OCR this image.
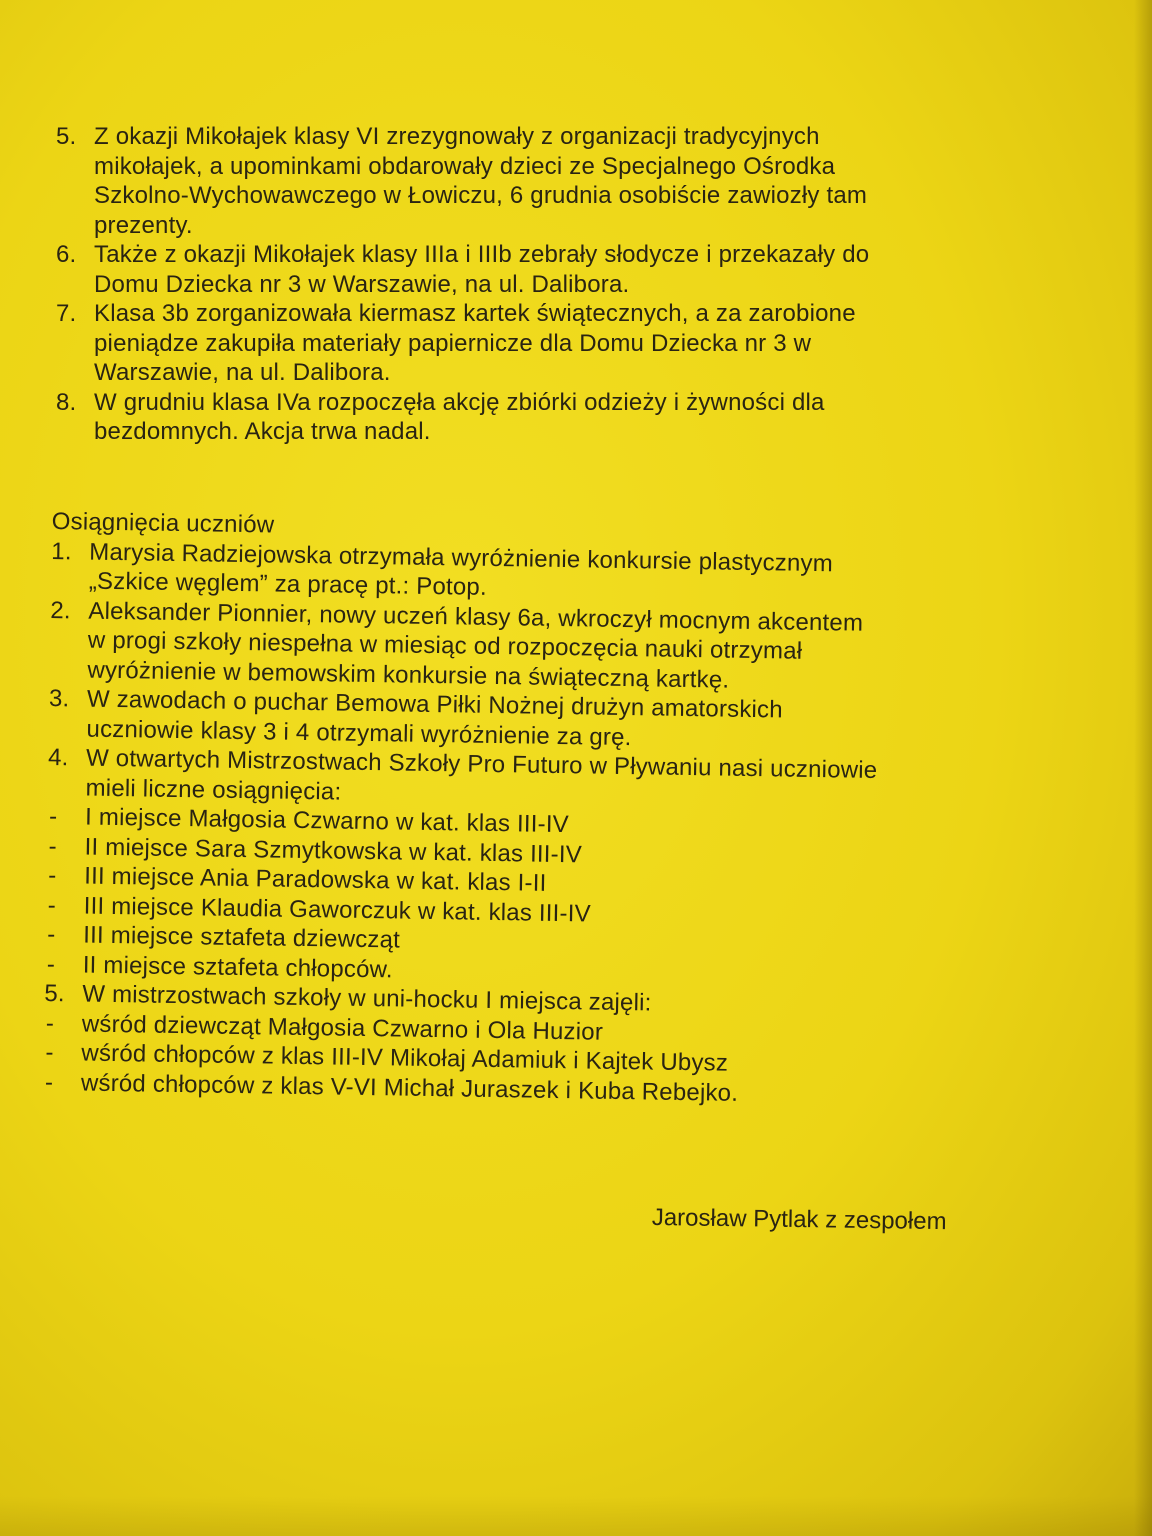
5. Z okazji Mikołajek klasy VI zrezygnowały z organizacji tradycyjnych
mikołajek, a upominkami obdarowały dzieci ze Specjalnego Ośrodka
Szkolno-Wychowawczego w Łowiczu, 6 grudnia osobiście zawiozły tam
prezenty.
6. Także z okazji Mikołajek klasy IIIa i IIIb zebrały słodycze i przekazały do
Domu Dziecka nr 3 w Warszawie, na ul. Dalibora.
7. Klasa 3b zorganizowała kiermasz kartek świątecznych, a za zarobione
pieniądze zakupiła materiały papiernicze dla Domu Dziecka nr 3 w
Warszawie, na ul. Dalibora.
8. W grudniu klasa IVa rozpoczęła akcję zbiórki odzieży i żywności dla
bezdomnych. Akcja trwa nadal.
Osiągnięcia uczniów
1. Marysia Radziejowska otrzymała wyróżnienie konkursie plastycznym
„Szkice węglem” za pracę pt.: Potop.
2. Aleksander Pionnier, nowy uczeń klasy 6a, wkroczył mocnym akcentem
w progi szkoły niespełna w miesiąc od rozpoczęcia nauki otrzymał
wyróżnienie w bemowskim konkursie na świąteczną kartkę.
3. W zawodach o puchar Bemowa Piłki Nożnej drużyn amatorskich
uczniowie klasy 3 i 4 otrzymali wyróżnienie za grę.
4. W otwartych Mistrzostwach Szkoły Pro Futuro w Pływaniu nasi uczniowie
mieli liczne osiągnięcia:
-	I miejsce Małgosia Czwarno w kat. klas III-IV
-	II miejsce Sara Szmytkowska w kat. klas III-IV
-	III miejsce Ania Paradowska w kat. klas I-II
-	III miejsce Klaudia Gaworczuk w kat. klas III-IV
-	III miejsce sztafeta dziewcząt
-	II miejsce sztafeta chłopców.
5. W mistrzostwach szkoły w uni-hocku I miejsca zajęli:
-	wśród dziewcząt Małgosia Czwarno i Ola Huzior
-	wśród chłopców z klas III-IV Mikołaj Adamiuk i Kajtek Ubysz
-	wśród chłopców z klas V-VI Michał Juraszek i Kuba Rebejko.
Jarosław Pytlak z zespołem
